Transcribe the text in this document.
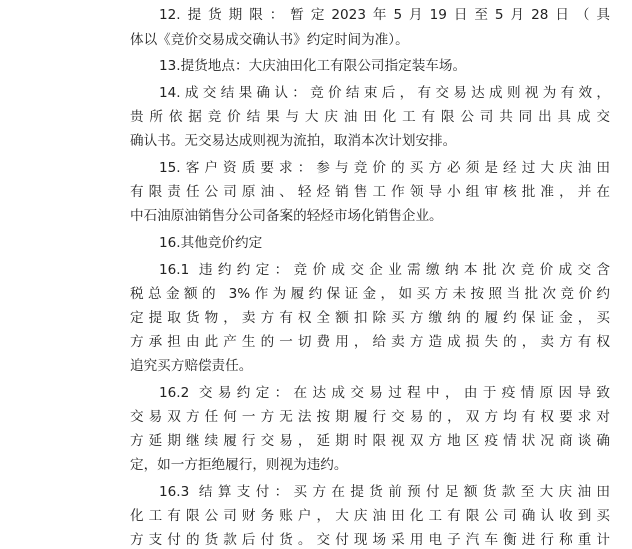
12.提货期限：暂定2023年5月19日至5月28日（具

体以《竞价交易成交确认书》约定时间为准）。

13.提货地点：大庆油田化工有限公司指定装车场。

14.成交结果确认：竞价结束后，有交易达成则视为有效，

贵所依据竞价结果与大庆油田化工有限公司共同出具成交

确认书。无交易达成则视为流拍，取消本次计划安排。

15.客户资质要求：参与竞价的买方必须是经过大庆油田

有限责任公司原油、轻烃销售工作领导小组审核批准，并在

中石油原油销售分公司备案的轻烃市场化销售企业。

16.其他竞价约定

16.1 违约约定：竞价成交企业需缴纳本批次竞价成交含

税总金额的 3%作为履约保证金，如买方未按照当批次竞价约

定提取货物，卖方有权全额扣除买方缴纳的履约保证金，买

方承担由此产生的一切费用，给卖方造成损失的，卖方有权

追究买方赔偿责任。

16.2 交易约定：在达成交易过程中，由于疫情原因导致

交易双方任何一方无法按期履行交易的，双方均有权要求对

方延期继续履行交易，延期时限视双方地区疫情状况商谈确

定，如一方拒绝履行，则视为违约。

16.3 结算支付：买方在提货前预付足额货款至大庆油田

化工有限公司财务账户，大庆油田化工有限公司确认收到买

方支付的货款后付货。交付现场采用电子汽车衡进行称重计
